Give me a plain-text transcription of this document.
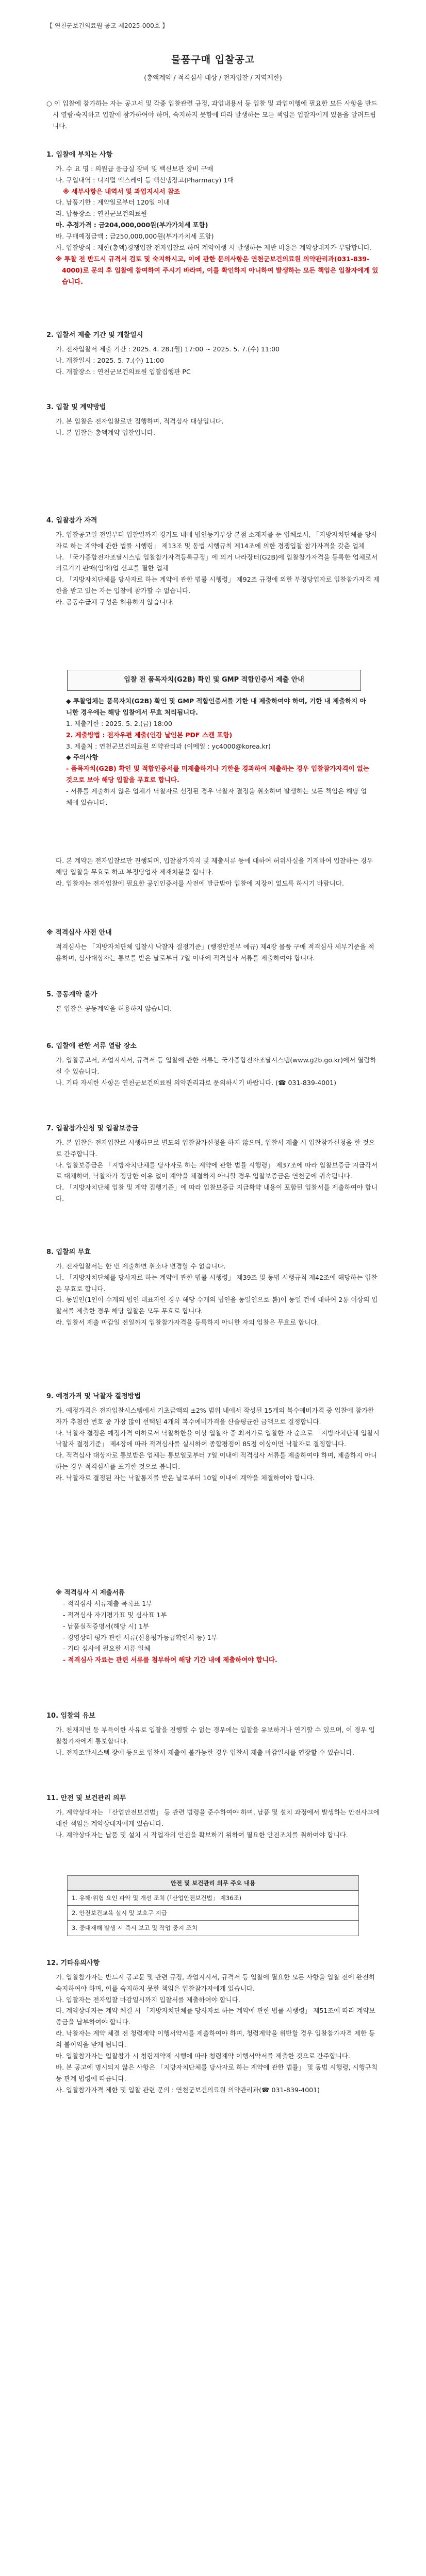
【 연천군보건의료원 공고 제2025-000호 】
물품구매 입찰공고
(총액계약 / 적격심사 대상 / 전자입찰 / 지역제한)

○ 이 입찰에 참가하는 자는 공고서 및 각종 입찰관련 규정, 과업내용서 등 입찰 및 과업이행에 필요한 모든 사항을 반드시 열람·숙지하고 입찰에 참가하여야 하며, 숙지하지 못함에 따라 발생하는 모든 책임은 입찰자에게 있음을 알려드립니다.

1. 입찰에 부치는 사항

가. 수 요 명 : 의원급 응급실 장비 및 백신보관 장비 구매

나. 구입내역 : 디지털 엑스레이 등 백신냉장고(Pharmacy) 1대

※ 세부사항은 내역서 및 과업지시서 참조

다. 납품기한 : 계약일로부터 120일 이내

라. 납품장소 : 연천군보건의료원

마. 추정가격 : 금204,000,000원(부가가치세 포함)

바. 구매예정금액 : 금250,000,000원(부가가치세 포함)

사. 입찰방식 : 제한(총액)경쟁입찰 전자입찰로 하며 계약이행 시 발생하는 제반 비용은 계약상대자가 부담합니다.

※ 투찰 전 반드시 규격서 검토 및 숙지하시고, 이에 관한 문의사항은 연천군보건의료원 의약관리과(031-839-4000)로 문의 후 입찰에 참여하여 주시기 바라며, 이를 확인하지 아니하여 발생하는 모든 책임은 입찰자에게 있습니다.

2. 입찰서 제출 기간 및 개찰일시

가. 전자입찰서 제출 기간 : 2025. 4. 28.(월) 17:00 ~ 2025. 5. 7.(수) 11:00

나. 개찰일시 : 2025. 5. 7.(수) 11:00

다. 개찰장소 : 연천군보건의료원 입찰집행관 PC

3. 입찰 및 계약방법

가. 본 입찰은 전자입찰로만 집행하며, 적격심사 대상입니다.

나. 본 입찰은 총액계약 입찰입니다.

4. 입찰참가 자격

가. 입찰공고일 전일부터 입찰일까지 경기도 내에 법인등기부상 본점 소재지를 둔 업체로서, 「지방자치단체를 당사자로 하는 계약에 관한 법률 시행령」 제13조 및 동법 시행규칙 제14조에 의한 경쟁입찰 참가자격을 갖춘 업체

나. 「국가종합전자조달시스템 입찰참가자격등록규정」에 의거 나라장터(G2B)에 입찰참가자격을 등록한 업체로서 의료기기 판매(임대)업 신고를 필한 업체

다. 「지방자치단체를 당사자로 하는 계약에 관한 법률 시행령」 제92조 규정에 의한 부정당업자로 입찰참가자격 제한을 받고 있는 자는 입찰에 참가할 수 없습니다.

라. 공동수급체 구성은 허용하지 않습니다.

입찰 전 품목자치(G2B) 확인 및 GMP 적합인증서 제출 안내

◆ 투찰업체는 품목자치(G2B) 확인 및 GMP 적합인증서를 기한 내 제출하여야 하며, 기한 내 제출하지 아니한 경우에는 해당 입찰에서 무효 처리됩니다.

1. 제출기한 : 2025. 5. 2.(금) 18:00

2. 제출방법 : 전자우편 제출(인감 날인본 PDF 스캔 포함)

3. 제출처 : 연천군보건의료원 의약관리과 (이메일 : yc4000@korea.kr)

◆ 주의사항

- 품목자치(G2B) 확인 및 적합인증서를 미제출하거나 기한을 경과하여 제출하는 경우 입찰참가자격이 없는 것으로 보아 해당 입찰을 무효로 합니다.

- 서류를 제출하지 않은 업체가 낙찰자로 선정된 경우 낙찰자 결정을 취소하며 발생하는 모든 책임은 해당 업체에 있습니다.

다. 본 계약은 전자입찰로만 진행되며, 입찰참가자격 및 제출서류 등에 대하여 허위사실을 기재하여 입찰하는 경우 해당 입찰을 무효로 하고 부정당업자 제재처분을 합니다.

라. 입찰자는 전자입찰에 필요한 공인인증서를 사전에 발급받아 입찰에 지장이 없도록 하시기 바랍니다.

※ 적격심사 사전 안내

적격심사는 「지방자치단체 입찰시 낙찰자 결정기준」(행정안전부 예규) 제4장 물품 구매 적격심사 세부기준을 적용하며, 심사대상자는 통보를 받은 날로부터 7일 이내에 적격심사 서류를 제출하여야 합니다.

5. 공동계약 불가

본 입찰은 공동계약을 허용하지 않습니다.

6. 입찰에 관한 서류 열람 장소

가. 입찰공고서, 과업지시서, 규격서 등 입찰에 관한 서류는 국가종합전자조달시스템(www.g2b.go.kr)에서 열람하실 수 있습니다.

나. 기타 자세한 사항은 연천군보건의료원 의약관리과로 문의하시기 바랍니다. (☎ 031-839-4001)

7. 입찰참가신청 및 입찰보증금

가. 본 입찰은 전자입찰로 시행하므로 별도의 입찰참가신청을 하지 않으며, 입찰서 제출 시 입찰참가신청을 한 것으로 간주합니다.

나. 입찰보증금은 「지방자치단체를 당사자로 하는 계약에 관한 법률 시행령」 제37조에 따라 입찰보증금 지급각서로 대체하며, 낙찰자가 정당한 이유 없이 계약을 체결하지 아니할 경우 입찰보증금은 연천군에 귀속됩니다.

다. 「지방자치단체 입찰 및 계약 집행기준」에 따라 입찰보증금 지급확약 내용이 포함된 입찰서를 제출하여야 합니다.

8. 입찰의 무효

가. 전자입찰서는 한 번 제출하면 취소나 변경할 수 없습니다.

나. 「지방자치단체를 당사자로 하는 계약에 관한 법률 시행령」 제39조 및 동법 시행규칙 제42조에 해당하는 입찰은 무효로 합니다.

다. 동일인(1인이 수개의 법인 대표자인 경우 해당 수개의 법인을 동일인으로 봄)이 동일 건에 대하여 2통 이상의 입찰서를 제출한 경우 해당 입찰은 모두 무효로 합니다.

라. 입찰서 제출 마감일 전일까지 입찰참가자격을 등록하지 아니한 자의 입찰은 무효로 합니다.

9. 예정가격 및 낙찰자 결정방법

가. 예정가격은 전자입찰시스템에서 기초금액의 ±2% 범위 내에서 작성된 15개의 복수예비가격 중 입찰에 참가한 자가 추첨한 번호 중 가장 많이 선택된 4개의 복수예비가격을 산술평균한 금액으로 결정합니다.

나. 낙찰자 결정은 예정가격 이하로서 낙찰하한율 이상 입찰자 중 최저가로 입찰한 자 순으로 「지방자치단체 입찰시 낙찰자 결정기준」 제4장에 따라 적격심사를 실시하여 종합평점이 85점 이상이면 낙찰자로 결정합니다.

다. 적격심사 대상자로 통보받은 업체는 통보일로부터 7일 이내에 적격심사 서류를 제출하여야 하며, 제출하지 아니하는 경우 적격심사를 포기한 것으로 봅니다.

라. 낙찰자로 결정된 자는 낙찰통지를 받은 날로부터 10일 이내에 계약을 체결하여야 합니다.

※ 적격심사 시 제출서류

- 적격심사 서류제출 목록표 1부

- 적격심사 자기평가표 및 심사표 1부

- 납품실적증명서(해당 시) 1부

- 경영상태 평가 관련 서류(신용평가등급확인서 등) 1부

- 기타 심사에 필요한 서류 일체

- 적격심사 자료는 관련 서류를 첨부하여 해당 기간 내에 제출하여야 합니다.

10. 입찰의 유보

가. 천재지변 등 부득이한 사유로 입찰을 진행할 수 없는 경우에는 입찰을 유보하거나 연기할 수 있으며, 이 경우 입찰참가자에게 통보합니다.

나. 전자조달시스템 장애 등으로 입찰서 제출이 불가능한 경우 입찰서 제출 마감일시를 연장할 수 있습니다.

11. 안전 및 보건관리 의무

가. 계약상대자는 「산업안전보건법」 등 관련 법령을 준수하여야 하며, 납품 및 설치 과정에서 발생하는 안전사고에 대한 책임은 계약상대자에게 있습니다.

나. 계약상대자는 납품 및 설치 시 작업자의 안전을 확보하기 위하여 필요한 안전조치를 취하여야 합니다.

안전 및 보건관리 의무 주요 내용
1. 유해·위험 요인 파악 및 개선 조치 (「산업안전보건법」 제36조)
2. 안전보건교육 실시 및 보호구 지급
3. 중대재해 발생 시 즉시 보고 및 작업 중지 조치
12. 기타유의사항

가. 입찰참가자는 반드시 공고문 및 관련 규정, 과업지시서, 규격서 등 입찰에 필요한 모든 사항을 입찰 전에 완전히 숙지하여야 하며, 이를 숙지하지 못한 책임은 입찰참가자에게 있습니다.

나. 입찰자는 전자입찰 마감일시까지 입찰서를 제출하여야 합니다.

다. 계약상대자는 계약 체결 시 「지방자치단체를 당사자로 하는 계약에 관한 법률 시행령」 제51조에 따라 계약보증금을 납부하여야 합니다.

라. 낙찰자는 계약 체결 전 청렴계약 이행서약서를 제출하여야 하며, 청렴계약을 위반할 경우 입찰참가자격 제한 등의 불이익을 받게 됩니다.

마. 입찰참가자는 입찰참가 시 청렴계약제 시행에 따라 청렴계약 이행서약서를 제출한 것으로 간주합니다.

바. 본 공고에 명시되지 않은 사항은 「지방자치단체를 당사자로 하는 계약에 관한 법률」 및 동법 시행령, 시행규칙 등 관계 법령에 따릅니다.

사. 입찰참가자격 제한 및 입찰 관련 문의 : 연천군보건의료원 의약관리과(☎ 031-839-4001)
